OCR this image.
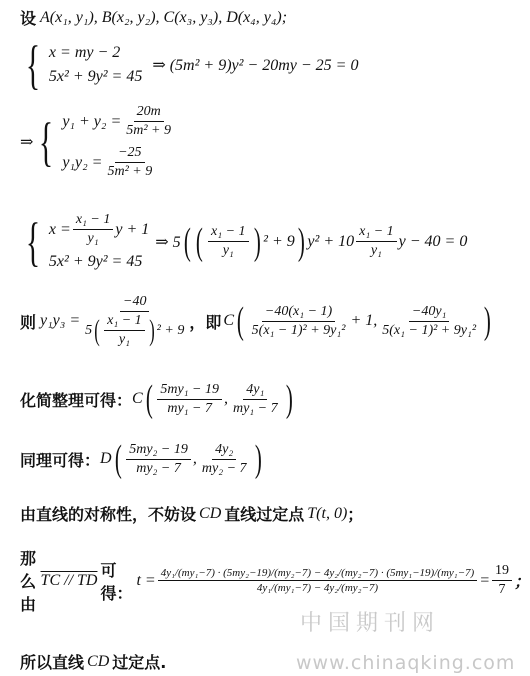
设 A(x₁, y₁), B(x₂, y₂), C(x₃, y₃), D(x₄, y₄);
{ x = my − 2
5x² + 9y² = 45
⇒ (5m² + 9)y² − 20my − 25 = 0
⇒ { $y_1 + y_2 = \frac{20m}{\text{5m² + 9}}$
$y_1y_2 = \frac{-25}{\text{5m² + 9}}$
{ $x = \frac{\text{x₁ − 1}}{\text{y₁}}$ y + 1
5x² + 9y² = 45
⇒ 5 ( ( $\frac{\text{x₁ − 1}}{\text{y₁}}$ ) ² + 9 ) $y^2 + 10 \frac{\text{x₁ − 1}}{\text{y₁}}$ y − 40 = 0
则 $y_1y_3 = \frac{-40}{5 ( \frac{\text{x₁ − 1}}{\text{y₁}} ) ^2 + 9}$ ，即 C ( $\frac{\text{−40(x₁ − 1)}}{\text{5(x₁ − 1)² + 9y₁²}} + 1$, $\frac{\text{−40y₁}}{\text{5(x₁ − 1)² + 9y₁²}}$ )
化简整理可得： C ( $\frac{\text{5my₁ − 19}}{\text{my₁ − 7}}$ , $\frac{\text{4y₁}}{\text{my₁ − 7}}$ )
同理可得： D ( $\frac{\text{5my₂ − 19}}{\text{my₂ − 7}}$ , $\frac{\text{4y₂}}{\text{my₂ − 7}}$ )
由直线的对称性，不妨设 CD 直线过定点 T(t, 0) ；
那么由
TC // TD
可得：
t = 4y₁/(my₁−7) · (5my₂−19)/(my₂−7) − 4y₂/(my₂−7) · (5my₁−19)/(my₁−7)
4y₁/(my₁−7) − 4y₂/(my₂−7)	= $\frac{19}{7}$ ；
中国期刊网
所以直线 CD 过定点.	www.chinaqking.com
